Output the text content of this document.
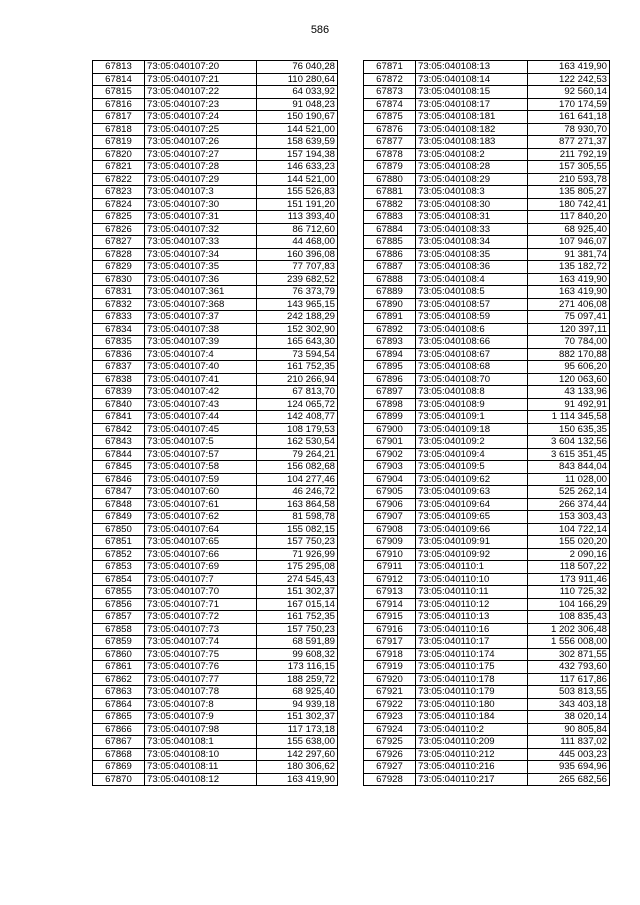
586
67813	73:05:040107:20	76 040,28
67814	73:05:040107:21	110 280,64
67815	73:05:040107:22	64 033,92
67816	73:05:040107:23	91 048,23
67817	73:05:040107:24	150 190,67
67818	73:05:040107:25	144 521,00
67819	73:05:040107:26	158 639,59
67820	73:05:040107:27	157 194,38
67821	73:05:040107:28	146 633,23
67822	73:05:040107:29	144 521,00
67823	73:05:040107:3	155 526,83
67824	73:05:040107:30	151 191,20
67825	73:05:040107:31	113 393,40
67826	73:05:040107:32	86 712,60
67827	73:05:040107:33	44 468,00
67828	73:05:040107:34	160 396,08
67829	73:05:040107:35	77 707,83
67830	73:05:040107:36	239 682,52
67831	73:05:040107:361	76 373,79
67832	73:05:040107:368	143 965,15
67833	73:05:040107:37	242 188,29
67834	73:05:040107:38	152 302,90
67835	73:05:040107:39	165 643,30
67836	73:05:040107:4	73 594,54
67837	73:05:040107:40	161 752,35
67838	73:05:040107:41	210 266,94
67839	73:05:040107:42	67 813,70
67840	73:05:040107:43	124 065,72
67841	73:05:040107:44	142 408,77
67842	73:05:040107:45	108 179,53
67843	73:05:040107:5	162 530,54
67844	73:05:040107:57	79 264,21
67845	73:05:040107:58	156 082,68
67846	73:05:040107:59	104 277,46
67847	73:05:040107:60	46 246,72
67848	73:05:040107:61	163 864,58
67849	73:05:040107:62	81 598,78
67850	73:05:040107:64	155 082,15
67851	73:05:040107:65	157 750,23
67852	73:05:040107:66	71 926,99
67853	73:05:040107:69	175 295,08
67854	73:05:040107:7	274 545,43
67855	73:05:040107:70	151 302,37
67856	73:05:040107:71	167 015,14
67857	73:05:040107:72	161 752,35
67858	73:05:040107:73	157 750,23
67859	73:05:040107:74	68 591,89
67860	73:05:040107:75	99 608,32
67861	73:05:040107:76	173 116,15
67862	73:05:040107:77	188 259,72
67863	73:05:040107:78	68 925,40
67864	73:05:040107:8	94 939,18
67865	73:05:040107:9	151 302,37
67866	73:05:040107:98	117 173,18
67867	73:05:040108:1	155 638,00
67868	73:05:040108:10	142 297,60
67869	73:05:040108:11	180 306,62
67870	73:05:040108:12	163 419,90
67871	73:05:040108:13	163 419,90
67872	73:05:040108:14	122 242,53
67873	73:05:040108:15	92 560,14
67874	73:05:040108:17	170 174,59
67875	73:05:040108:181	161 641,18
67876	73:05:040108:182	78 930,70
67877	73:05:040108:183	877 271,37
67878	73:05:040108:2	211 792,19
67879	73:05:040108:28	157 305,55
67880	73:05:040108:29	210 593,78
67881	73:05:040108:3	135 805,27
67882	73:05:040108:30	180 742,41
67883	73:05:040108:31	117 840,20
67884	73:05:040108:33	68 925,40
67885	73:05:040108:34	107 946,07
67886	73:05:040108:35	91 381,74
67887	73:05:040108:36	135 182,72
67888	73:05:040108:4	163 419,90
67889	73:05:040108:5	163 419,90
67890	73:05:040108:57	271 406,08
67891	73:05:040108:59	75 097,41
67892	73:05:040108:6	120 397,11
67893	73:05:040108:66	70 784,00
67894	73:05:040108:67	882 170,88
67895	73:05:040108:68	95 606,20
67896	73:05:040108:70	120 063,60
67897	73:05:040108:8	43 133,96
67898	73:05:040108:9	91 492,91
67899	73:05:040109:1	1 114 345,58
67900	73:05:040109:18	150 635,35
67901	73:05:040109:2	3 604 132,56
67902	73:05:040109:4	3 615 351,45
67903	73:05:040109:5	843 844,04
67904	73:05:040109:62	11 028,00
67905	73:05:040109:63	525 262,14
67906	73:05:040109:64	266 374,44
67907	73:05:040109:65	153 303,43
67908	73:05:040109:66	104 722,14
67909	73:05:040109:91	155 020,20
67910	73:05:040109:92	2 090,16
67911	73:05:040110:1	118 507,22
67912	73:05:040110:10	173 911,46
67913	73:05:040110:11	110 725,32
67914	73:05:040110:12	104 166,29
67915	73:05:040110:13	108 835,43
67916	73:05:040110:16	1 202 306,48
67917	73:05:040110:17	1 556 008,00
67918	73:05:040110:174	302 871,55
67919	73:05:040110:175	432 793,60
67920	73:05:040110:178	117 617,86
67921	73:05:040110:179	503 813,55
67922	73:05:040110:180	343 403,18
67923	73:05:040110:184	38 020,14
67924	73:05:040110:2	90 805,84
67925	73:05:040110:209	111 837,02
67926	73:05:040110:212	445 003,23
67927	73:05:040110:216	935 694,96
67928	73:05:040110:217	265 682,56
